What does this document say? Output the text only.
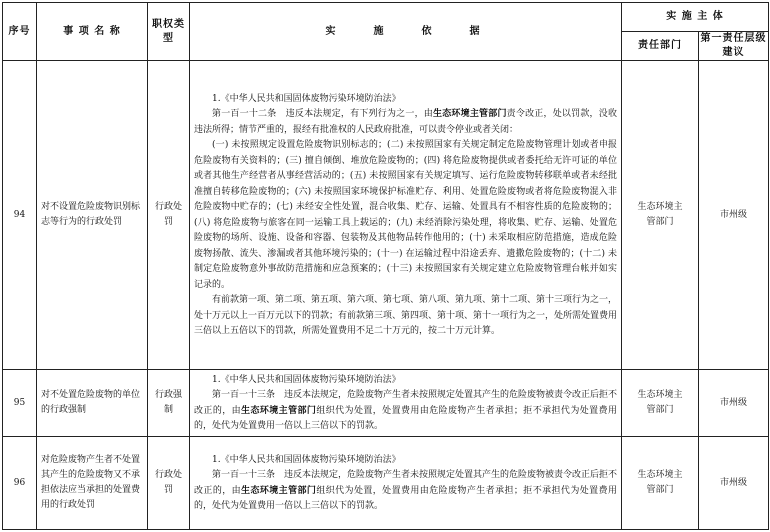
序号	事 项 名 称	职权类型	实　　施　　依　　据	实 施 主 体	
				责任部门	第一责任层级建议
94	对不设置危险废物识别标志等行为的行政处罚	行政处罚	1.《中华人民共和国固体废物污染环境防治法》

第一百一十二条　违反本法规定，有下列行为之一，由生态环境主管部门责令改正，处以罚款，没收违法所得；情节严重的，报经有批准权的人民政府批准，可以责令停业或者关闭：

(一) 未按照规定设置危险废物识别标志的；(二) 未按照国家有关规定制定危险废物管理计划或者申报危险废物有关资料的；(三) 擅自倾倒、堆放危险废物的；(四) 将危险废物提供或者委托给无许可证的单位或者其他生产经营者从事经营活动的；(五) 未按照国家有关规定填写、运行危险废物转移联单或者未经批准擅自转移危险废物的；(六) 未按照国家环境保护标准贮存、利用、处置危险废物或者将危险废物混入非危险废物中贮存的；(七) 未经安全性处置，混合收集、贮存、运输、处置具有不相容性质的危险废物的；(八) 将危险废物与旅客在同一运输工具上载运的；(九) 未经消除污染处理，将收集、贮存、运输、处置危险废物的场所、设施、设备和容器、包装物及其他物品转作他用的；(十) 未采取相应防范措施，造成危险废物扬散、流失、渗漏或者其他环境污染的；(十一) 在运输过程中沿途丢弃、遗撒危险废物的；(十二) 未制定危险废物意外事故防范措施和应急预案的；(十三) 未按照国家有关规定建立危险废物管理台帐并如实记录的。

有前款第一项、第二项、第五项、第六项、第七项、第八项、第九项、第十二项、第十三项行为之一，处十万元以上一百万元以下的罚款；有前款第三项、第四项、第十项、第十一项行为之一，处所需处置费用三倍以上五倍以下的罚款，所需处置费用不足二十万元的，按二十万元计算。	生态环境主管部门	市州级
95	对不处置危险废物的单位的行政强制	行政强制	1.《中华人民共和国固体废物污染环境防治法》

第一百一十三条　违反本法规定，危险废物产生者未按照规定处置其产生的危险废物被责令改正后拒不改正的，由生态环境主管部门组织代为处置，处置费用由危险废物产生者承担；拒不承担代为处置费用的，处代为处置费用一倍以上三倍以下的罚款。	生态环境主管部门	市州级
96	对危险废物产生者不处置其产生的危险废物又不承担依法应当承担的处置费用的行政处罚	行政处罚	1.《中华人民共和国固体废物污染环境防治法》

第一百一十三条　违反本法规定，危险废物产生者未按照规定处置其产生的危险废物被责令改正后拒不改正的，由生态环境主管部门组织代为处置，处置费用由危险废物产生者承担；拒不承担代为处置费用的，处代为处置费用一倍以上三倍以下的罚款。	生态环境主管部门	市州级
